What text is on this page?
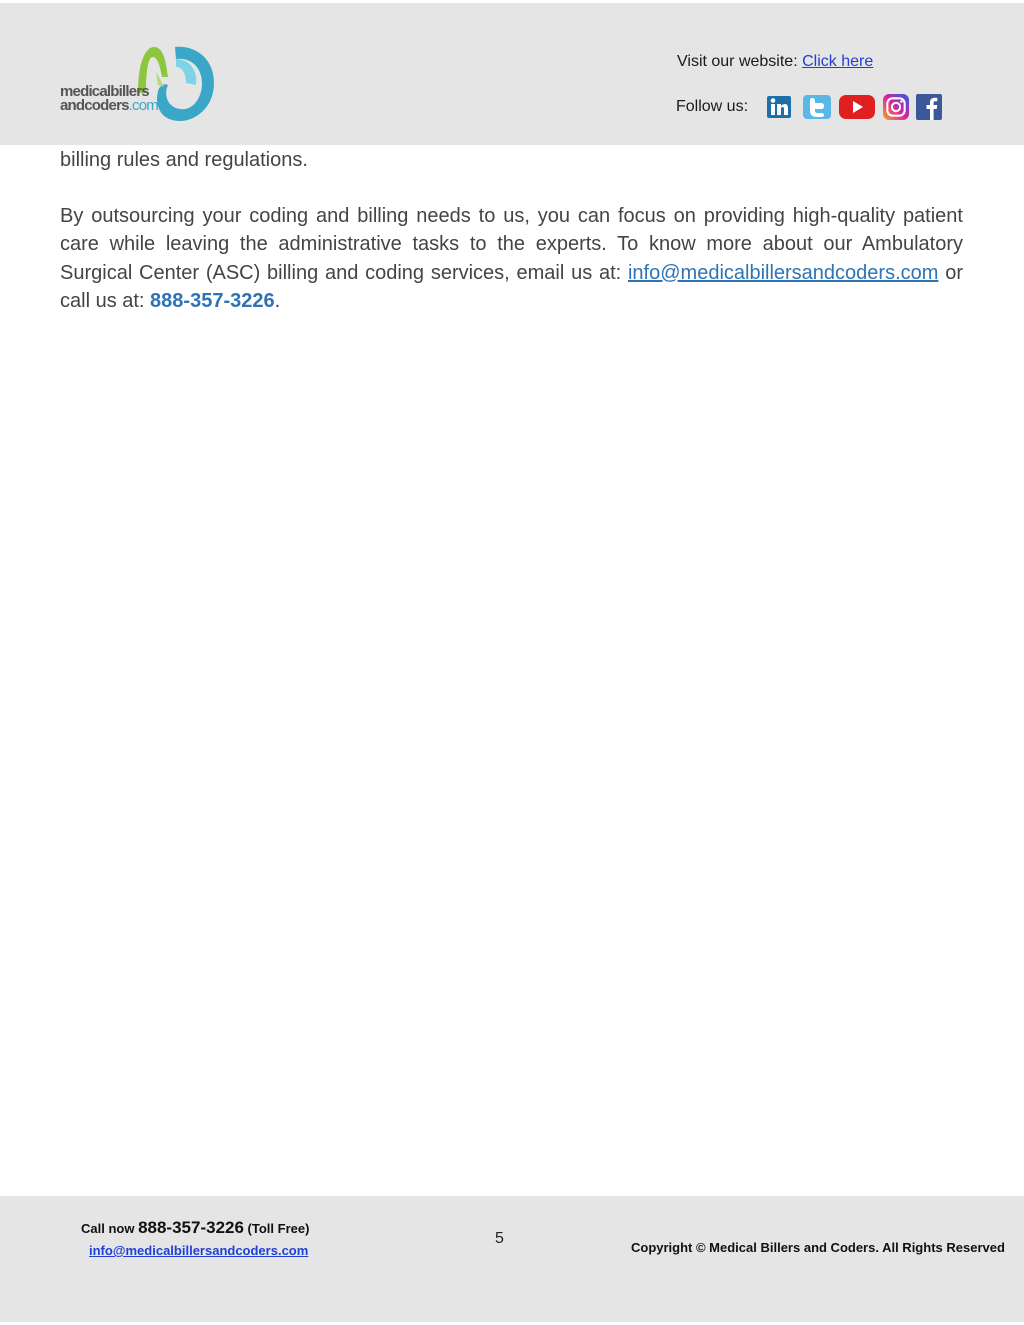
medicalbillers
andcoders.com
Visit our website: Click here
Follow us:

billing rules and regulations.

By outsourcing your coding and billing needs to us, you can focus on providing high-quality patient care while leaving the administrative tasks to the experts. To know more about our Ambulatory Surgical Center (ASC) billing and coding services, email us at: info@medicalbillersandcoders.com or call us at: 888-357-3226.

Call now 888-357-3226 (Toll Free)
info@medicalbillersandcoders.com
5
Copyright © Medical Billers and Coders. All Rights Reserved
